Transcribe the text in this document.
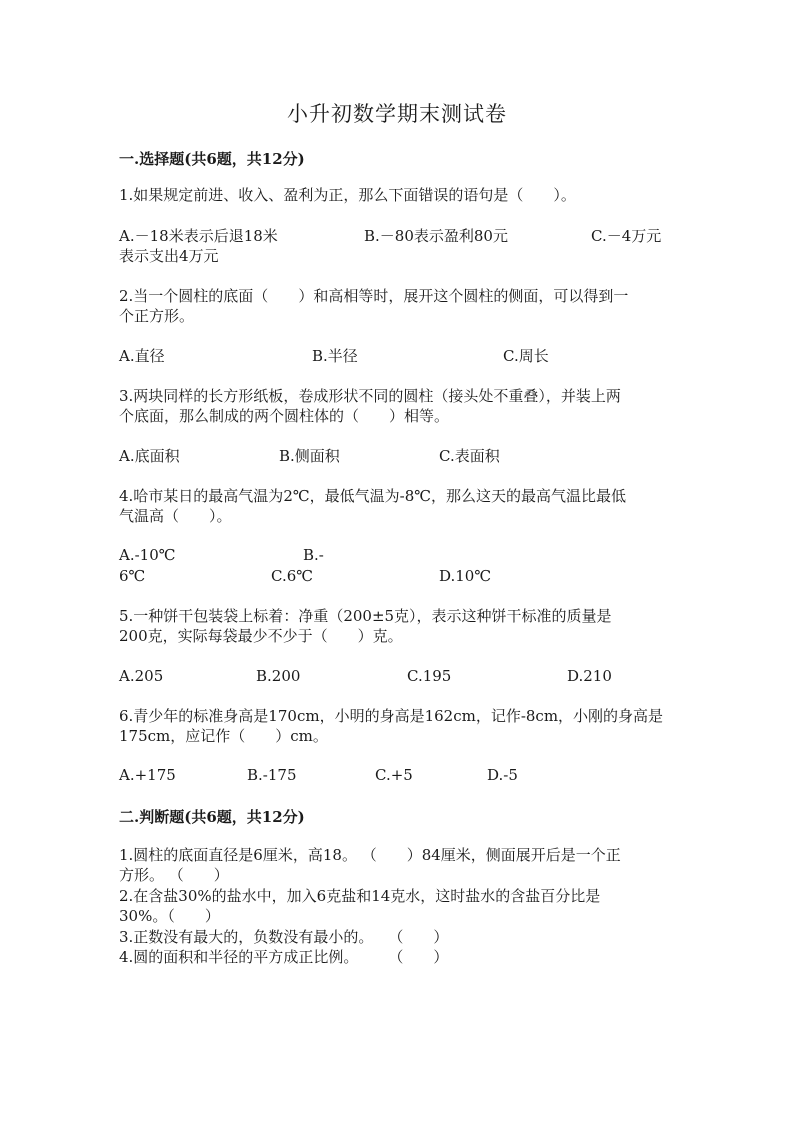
小升初数学期末测试卷
一.选择题(共6题，共12分)

1.如果规定前进、收入、盈利为正，那么下面错误的语句是（　　）。

A.－18米表示后退18米	B.－80表示盈利80元	C.－4万元

表示支出4万元

2.当一个圆柱的底面（　　）和高相等时，展开这个圆柱的侧面，可以得到一

个正方形。

A.直径	B.半径	C.周长

3.两块同样的长方形纸板，卷成形状不同的圆柱（接头处不重叠），并装上两

个底面，那么制成的两个圆柱体的（　　）相等。

A.底面积	B.侧面积	C.表面积

4.哈市某日的最高气温为2℃，最低气温为-8℃，那么这天的最高气温比最低

气温高（　　）。

A.-10℃	B.-

6℃	C.6℃	D.10℃

5.一种饼干包装袋上标着：净重（200±5克），表示这种饼干标准的质量是

200克，实际每袋最少不少于（　　）克。

A.205	B.200	C.195	D.210

6.青少年的标准身高是170cm，小明的身高是162cm，记作-8cm，小刚的身高是

175cm，应记作（　　）cm。

A.+175	B.-175	C.+5	D.-5

二.判断题(共6题，共12分)

1.圆柱的底面直径是6厘米，高18。 （　　）84厘米，侧面展开后是一个正

方形。 （　　）

2.在含盐30%的盐水中，加入6克盐和14克水，这时盐水的含盐百分比是

30%。（　　）

3.正数没有最大的，负数没有最小的。　　（　　）

4.圆的面积和半径的平方成正比例。　　　（　　）
